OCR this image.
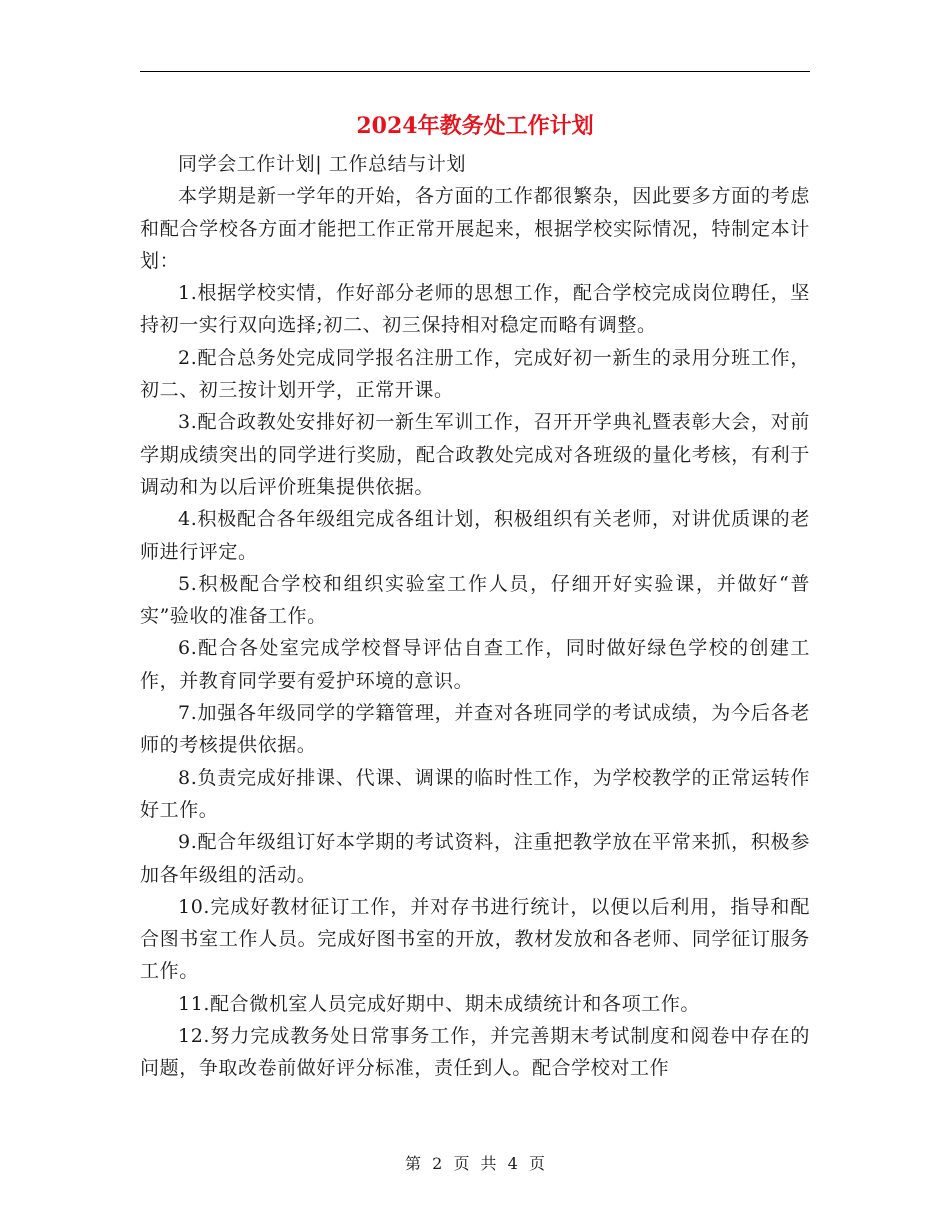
2024年教务处工作计划

同学会工作计划| 工作总结与计划

本学期是新一学年的开始，各方面的工作都很繁杂，因此要多方面的考虑和配合学校各方面才能把工作正常开展起来，根据学校实际情况，特制定本计划：

1.根据学校实情，作好部分老师的思想工作，配合学校完成岗位聘任，坚持初一实行双向选择;初二、初三保持相对稳定而略有调整。

2.配合总务处完成同学报名注册工作，完成好初一新生的录用分班工作，初二、初三按计划开学，正常开课。

3.配合政教处安排好初一新生军训工作，召开开学典礼暨表彰大会，对前学期成绩突出的同学进行奖励，配合政教处完成对各班级的量化考核，有利于调动和为以后评价班集提供依据。

4.积极配合各年级组完成各组计划，积极组织有关老师，对讲优质课的老师进行评定。

5.积极配合学校和组织实验室工作人员，仔细开好实验课，并做好“普实”验收的准备工作。

6.配合各处室完成学校督导评估自查工作，同时做好绿色学校的创建工作，并教育同学要有爱护环境的意识。

7.加强各年级同学的学籍管理，并查对各班同学的考试成绩，为今后各老师的考核提供依据。

8.负责完成好排课、代课、调课的临时性工作，为学校教学的正常运转作好工作。

9.配合年级组订好本学期的考试资料，注重把教学放在平常来抓，积极参加各年级组的活动。

10.完成好教材征订工作，并对存书进行统计，以便以后利用，指导和配合图书室工作人员。完成好图书室的开放，教材发放和各老师、同学征订服务工作。

11.配合微机室人员完成好期中、期未成绩统计和各项工作。

12.努力完成教务处日常事务工作，并完善期末考试制度和阅卷中存在的问题，争取改卷前做好评分标准，责任到人。配合学校对工作

第 2 页 共 4 页
